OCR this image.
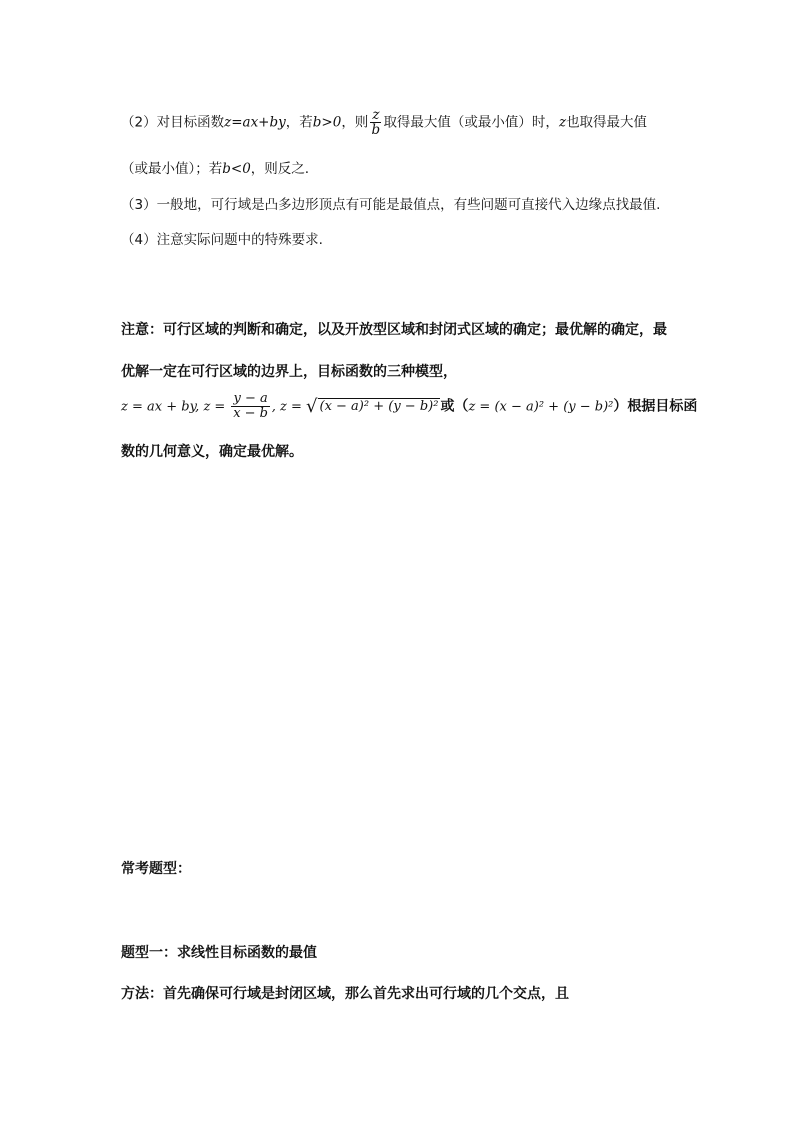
（2）对目标函数z=ax+by，若b>0，则 $\frac{z}{b}$ 取得最大值（或最小值）时，z也取得最大值
（或最小值）；若b<0，则反之.
（3）一般地，可行域是凸多边形顶点有可能是最值点，有些问题可直接代入边缘点找最值.
（4）注意实际问题中的特殊要求.
注意：可行区域的判断和确定，以及开放型区域和封闭式区域的确定；最优解的确定，最
优解一定在可行区域的边界上，目标函数的三种模型，
z = ax + by, $z = \frac{y - a}{x - b}$ , z = √ (x − a)² + (y − b)² 或（z = (x − a)² + (y − b)²）根据目标函
数的几何意义，确定最优解。
常考题型：
题型一：求线性目标函数的最值
方法：首先确保可行域是封闭区域，那么首先求出可行域的几个交点，且
